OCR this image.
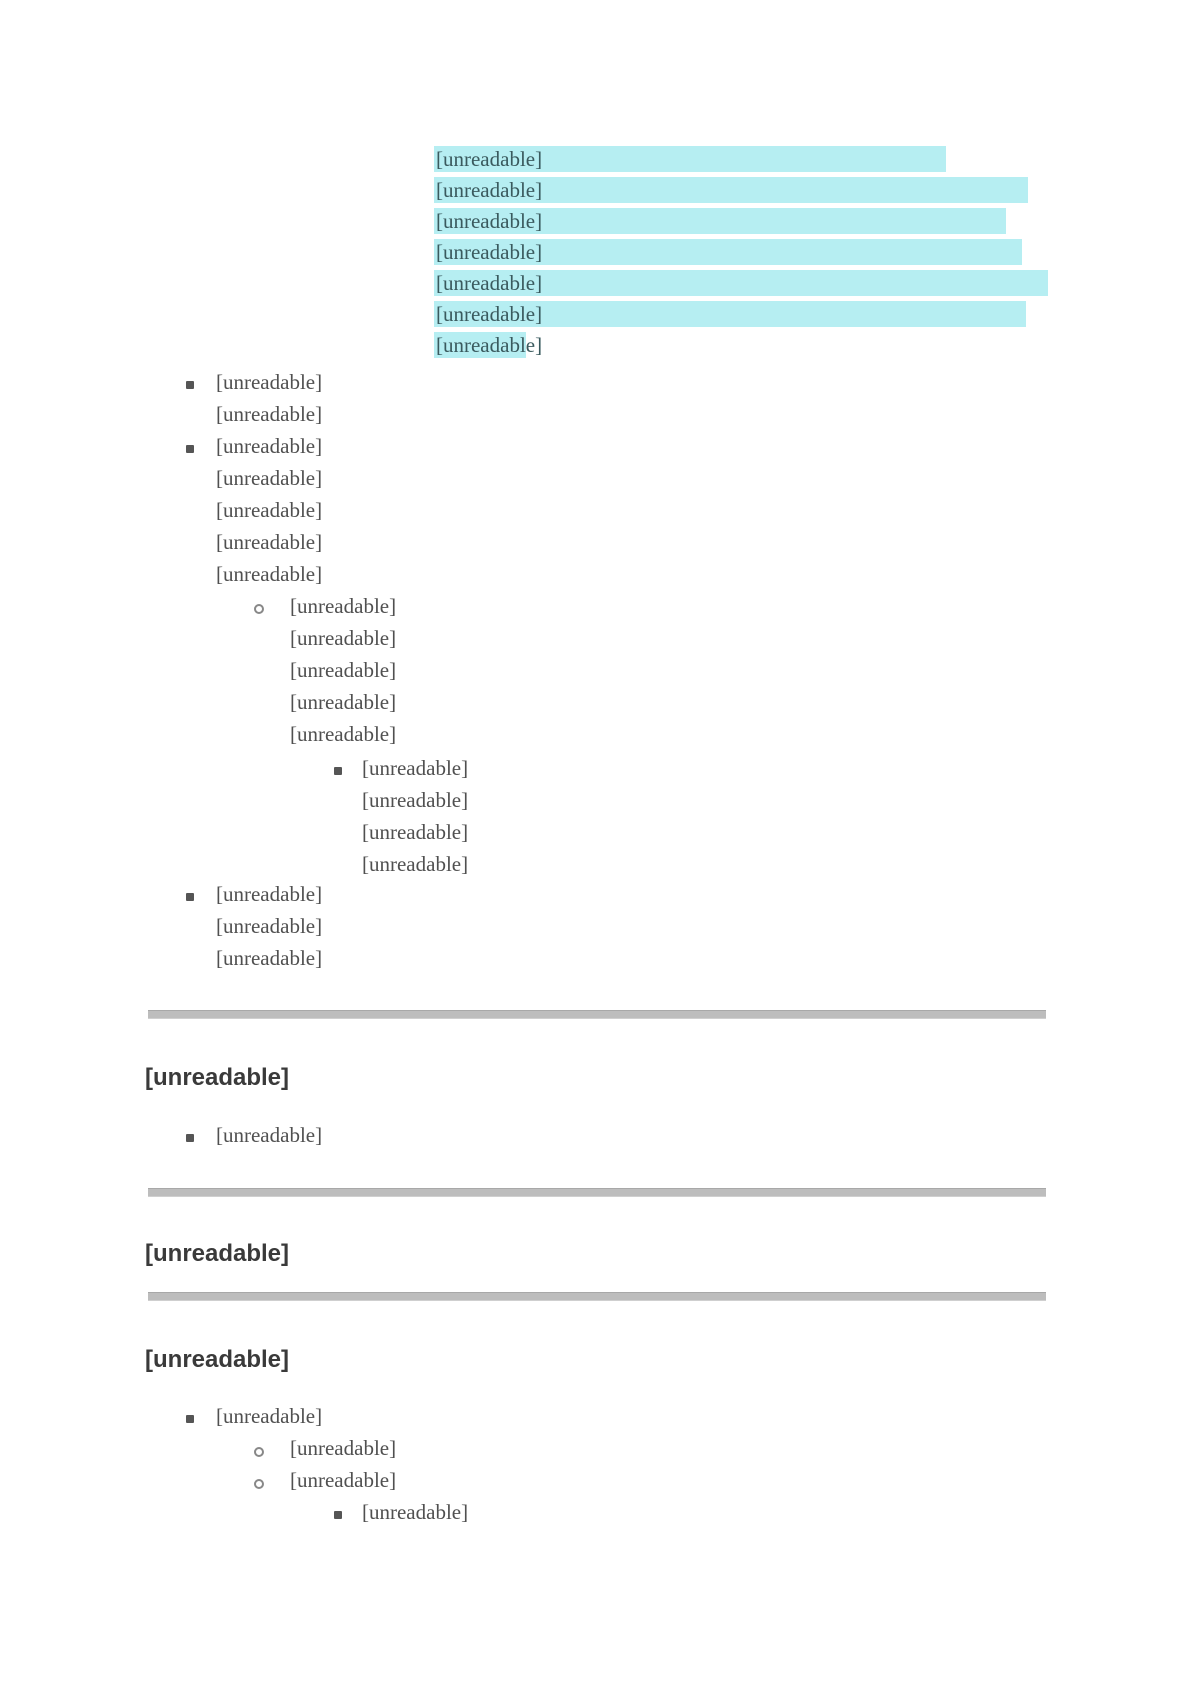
[unreadable]
[unreadable]
[unreadable]
[unreadable]
[unreadable]
[unreadable]
[unreadable]
[unreadable]
[unreadable]
[unreadable]
[unreadable]
[unreadable]
[unreadable]
[unreadable]
[unreadable]
[unreadable]
[unreadable]
[unreadable]
[unreadable]
[unreadable]
[unreadable]
[unreadable]
[unreadable]
[unreadable]
[unreadable]
[unreadable]
[unreadable]
[unreadable]
[unreadable]
[unreadable]
[unreadable]
[unreadable]
[unreadable]
[unreadable]
